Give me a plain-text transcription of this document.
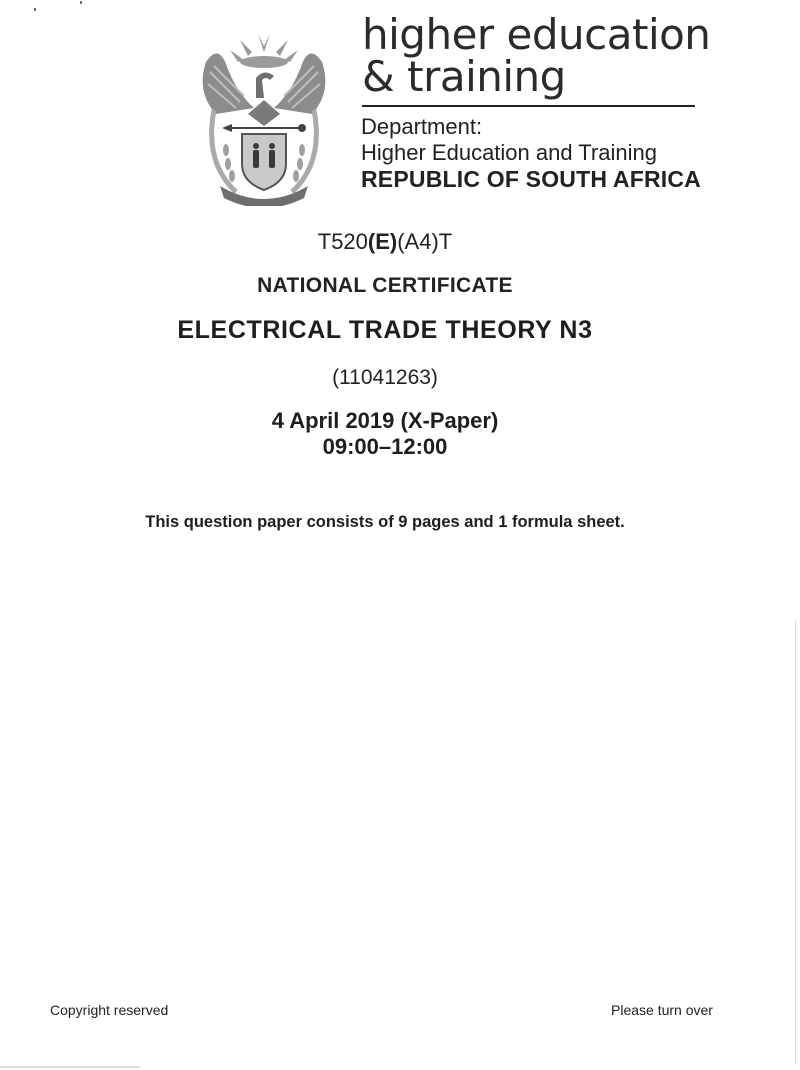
higher education
& training
Department:
Higher Education and Training
REPUBLIC OF SOUTH AFRICA
T520(E)(A4)T
NATIONAL CERTIFICATE
ELECTRICAL TRADE THEORY N3
(11041263)
4 April 2019 (X-Paper)
09:00–12:00
This question paper consists of 9 pages and 1 formula sheet.
Copyright reserved	Please turn over
